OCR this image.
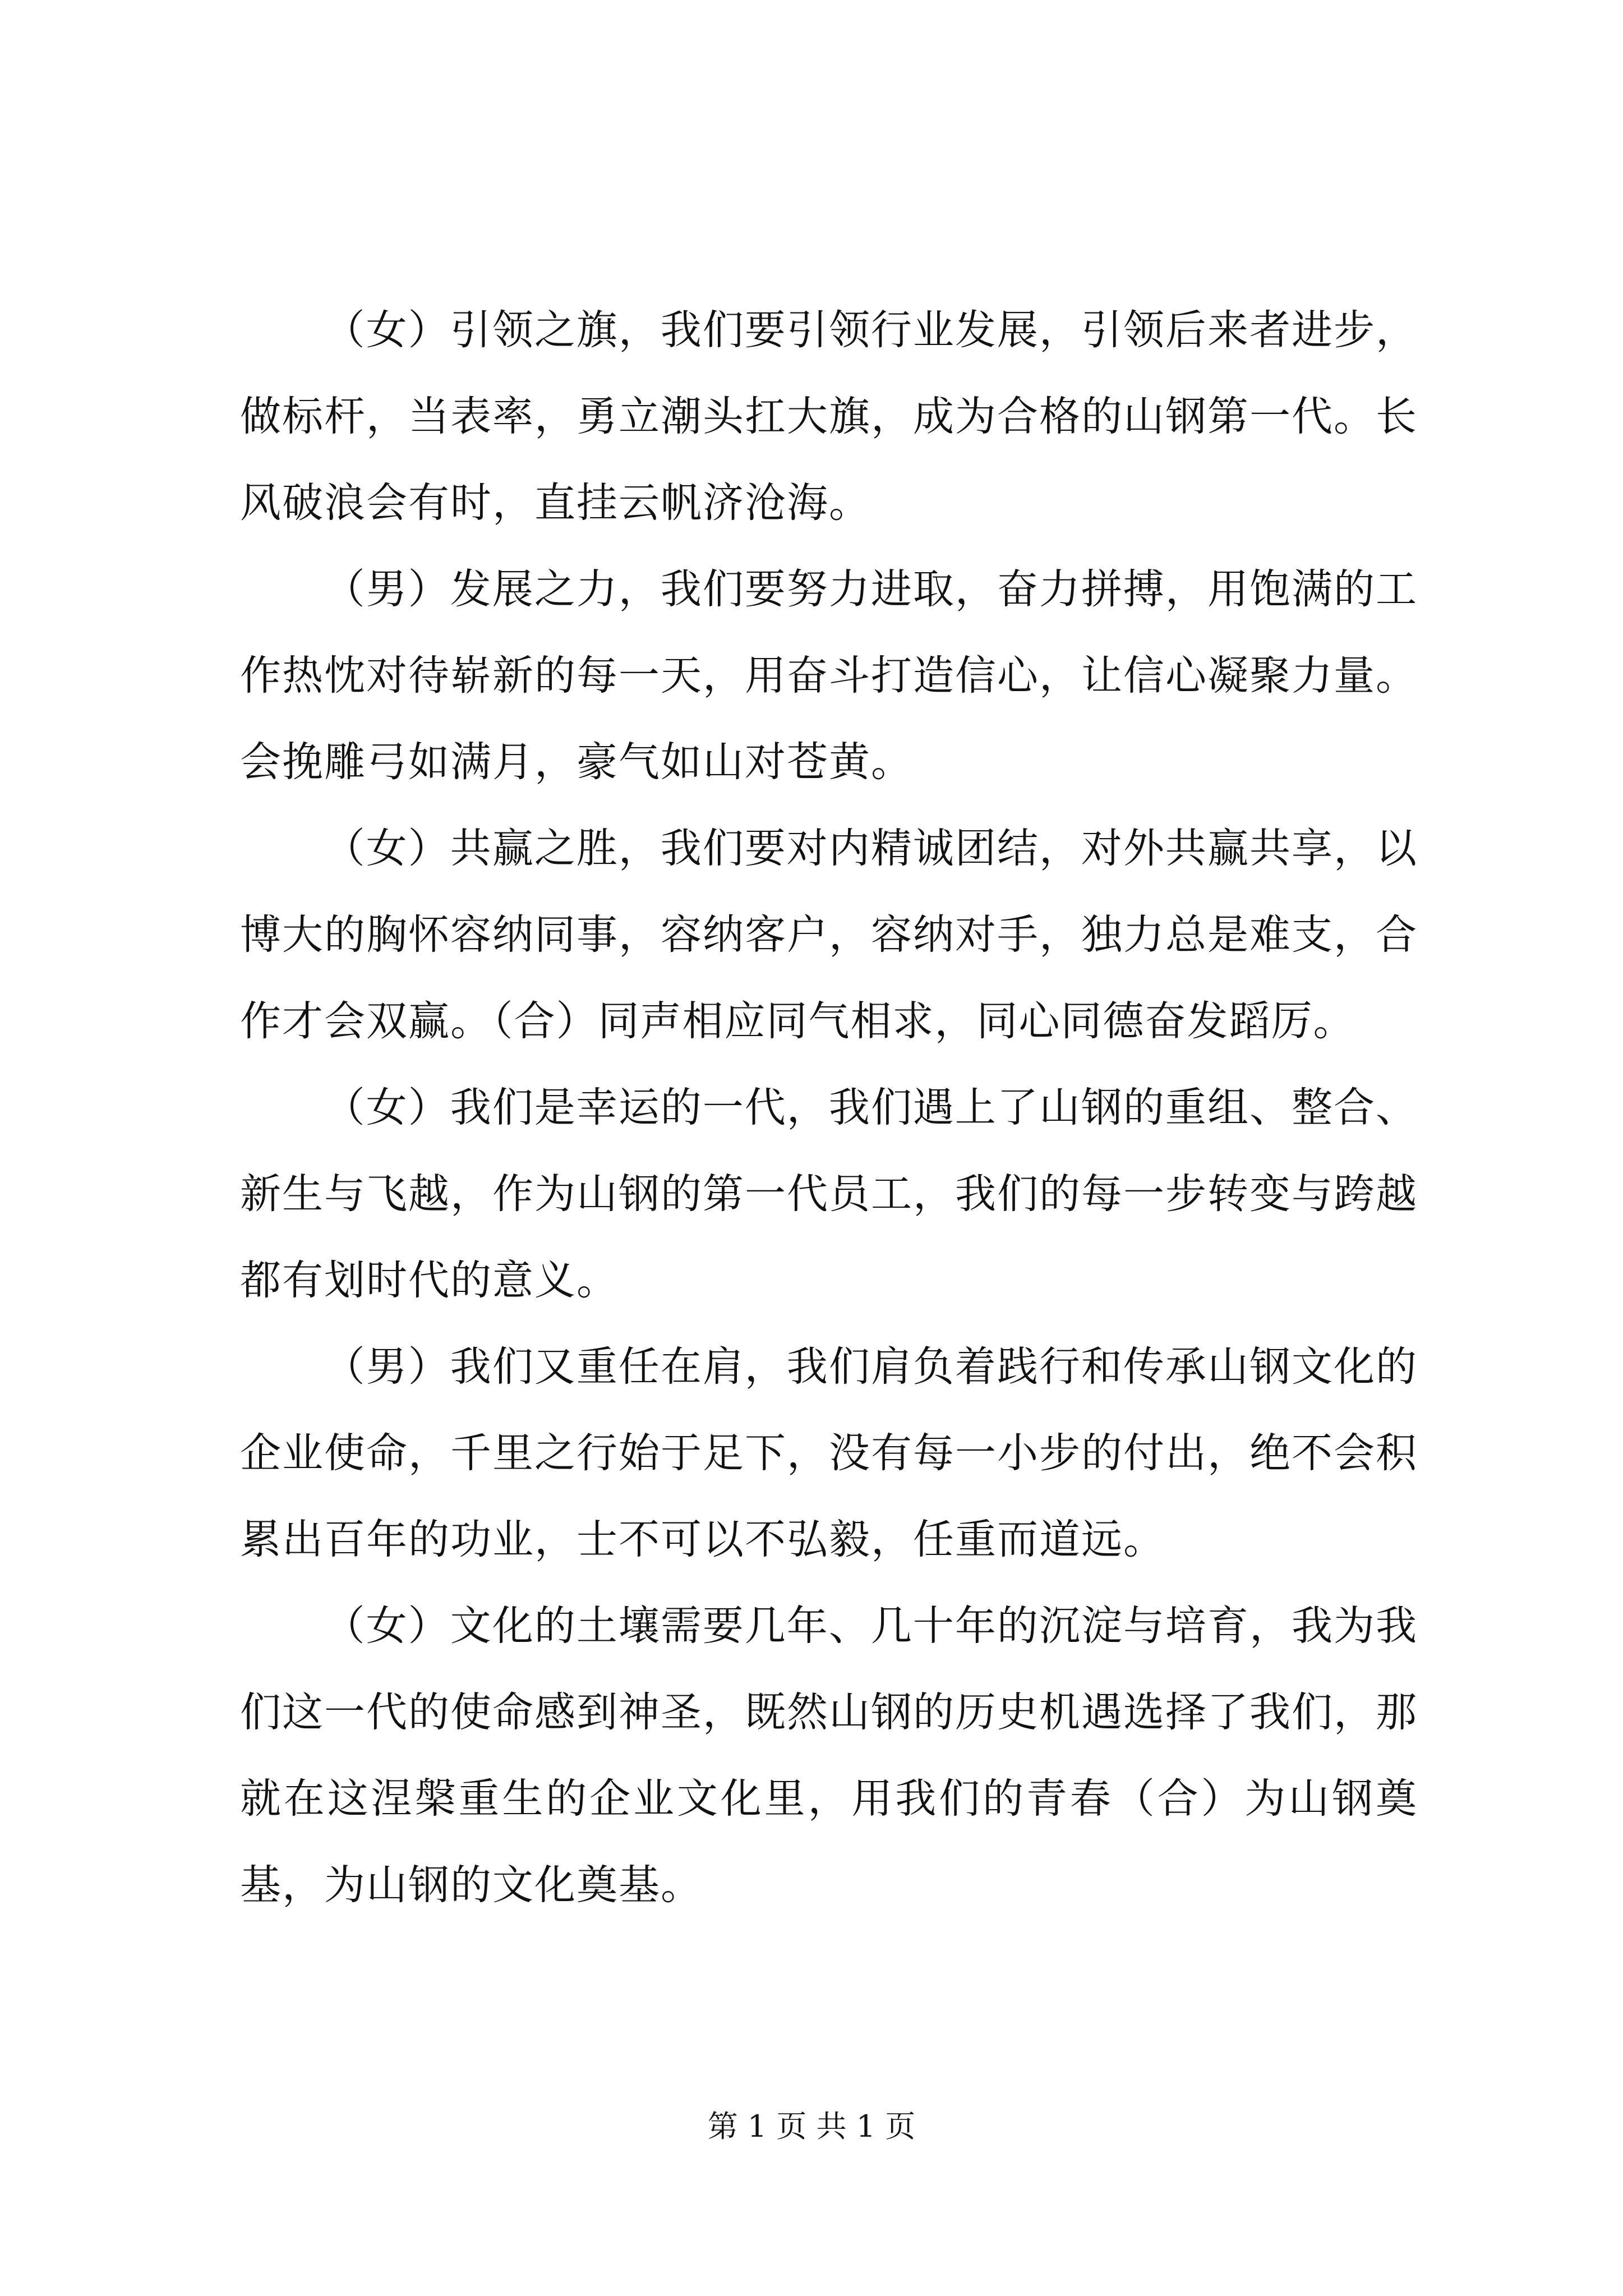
（女）引领之旗，我们要引领行业发展，引领后来者进步，做标杆，当表率，勇立潮头扛大旗，成为合格的山钢第一代。长风破浪会有时，直挂云帆济沧海。

（男）发展之力，我们要努力进取，奋力拼搏，用饱满的工作热忱对待崭新的每一天，用奋斗打造信心，让信心凝聚力量。会挽雕弓如满月，豪气如山对苍黄。

（女）共赢之胜，我们要对内精诚团结，对外共赢共享，以博大的胸怀容纳同事，容纳客户，容纳对手，独力总是难支，合作才会双赢。（合）同声相应同气相求，同心同德奋发蹈厉。

（女）我们是幸运的一代，我们遇上了山钢的重组、整合、新生与飞越，作为山钢的第一代员工，我们的每一步转变与跨越都有划时代的意义。

（男）我们又重任在肩，我们肩负着践行和传承山钢文化的企业使命，千里之行始于足下，没有每一小步的付出，绝不会积累出百年的功业，士不可以不弘毅，任重而道远。

（女）文化的土壤需要几年、几十年的沉淀与培育，我为我们这一代的使命感到神圣，既然山钢的历史机遇选择了我们，那就在这涅槃重生的企业文化里，用我们的青春（合）为山钢奠基，为山钢的文化奠基。

第 1 页 共 1 页
